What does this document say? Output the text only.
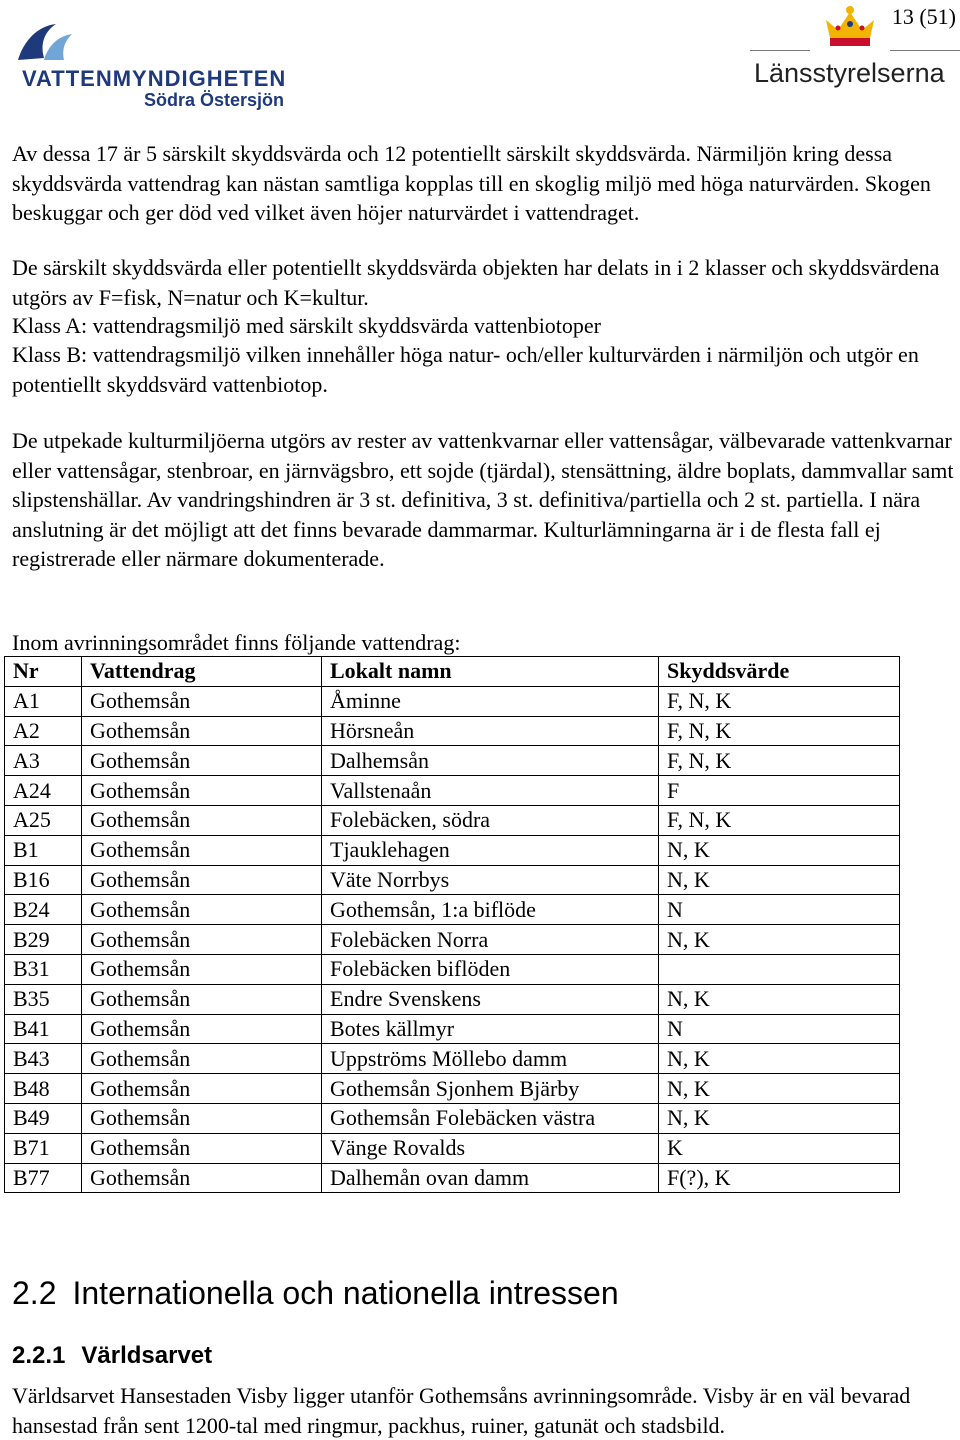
13 (51)
VATTENMYNDIGHETEN
Södra Östersjön
Länsstyrelserna

Av dessa 17 är 5 särskilt skyddsvärda och 12 potentiellt särskilt skyddsvärda. Närmiljön kring dessa skyddsvärda vattendrag kan nästan samtliga kopplas till en skoglig miljö med höga naturvärden. Skogen beskuggar och ger död ved vilket även höjer naturvärdet i vattendraget.

De särskilt skyddsvärda eller potentiellt skyddsvärda objekten har delats in i 2 klasser och skyddsvärdena utgörs av F=fisk, N=natur och K=kultur.

Klass A: vattendragsmiljö med särskilt skyddsvärda vattenbiotoper

Klass B: vattendragsmiljö vilken innehåller höga natur- och/eller kulturvärden i närmiljön och utgör en potentiellt skyddsvärd vattenbiotop.

De utpekade kulturmiljöerna utgörs av rester av vattenkvarnar eller vattensågar, välbevarade vattenkvarnar eller vattensågar, stenbroar, en järnvägsbro, ett sojde (tjärdal), stensättning, äldre boplats, dammvallar samt slipstenshällar. Av vandringshindren är 3 st. definitiva, 3 st. definitiva/partiella och 2 st. partiella. I nära anslutning är det möjligt att det finns bevarade dammarmar. Kulturlämningarna är i de flesta fall ej registrerade eller närmare dokumenterade.

Inom avrinningsområdet finns följande vattendrag:

Nr	Vattendrag	Lokalt namn	Skyddsvärde
A1	Gothemsån	Åminne	F, N, K
A2	Gothemsån	Hörsneån	F, N, K
A3	Gothemsån	Dalhemsån	F, N, K
A24	Gothemsån	Vallstenaån	F
A25	Gothemsån	Folebäcken, södra	F, N, K
B1	Gothemsån	Tjauklehagen	N, K
B16	Gothemsån	Väte Norrbys	N, K
B24	Gothemsån	Gothemsån, 1:a biflöde	N
B29	Gothemsån	Folebäcken Norra	N, K
B31	Gothemsån	Folebäcken biflöden	
B35	Gothemsån	Endre Svenskens	N, K
B41	Gothemsån	Botes källmyr	N
B43	Gothemsån	Uppströms Möllebo damm	N, K
B48	Gothemsån	Gothemsån Sjonhem Bjärby	N, K
B49	Gothemsån	Gothemsån Folebäcken västra	N, K
B71	Gothemsån	Vänge Rovalds	K
B77	Gothemsån	Dalhemån ovan damm	F(?), K
2.2 Internationella och nationella intressen
2.2.1 Världsarvet

Världsarvet Hansestaden Visby ligger utanför Gothemsåns avrinningsområde. Visby är en väl bevarad hansestad från sent 1200-tal med ringmur, packhus, ruiner, gatunät och stadsbild.
